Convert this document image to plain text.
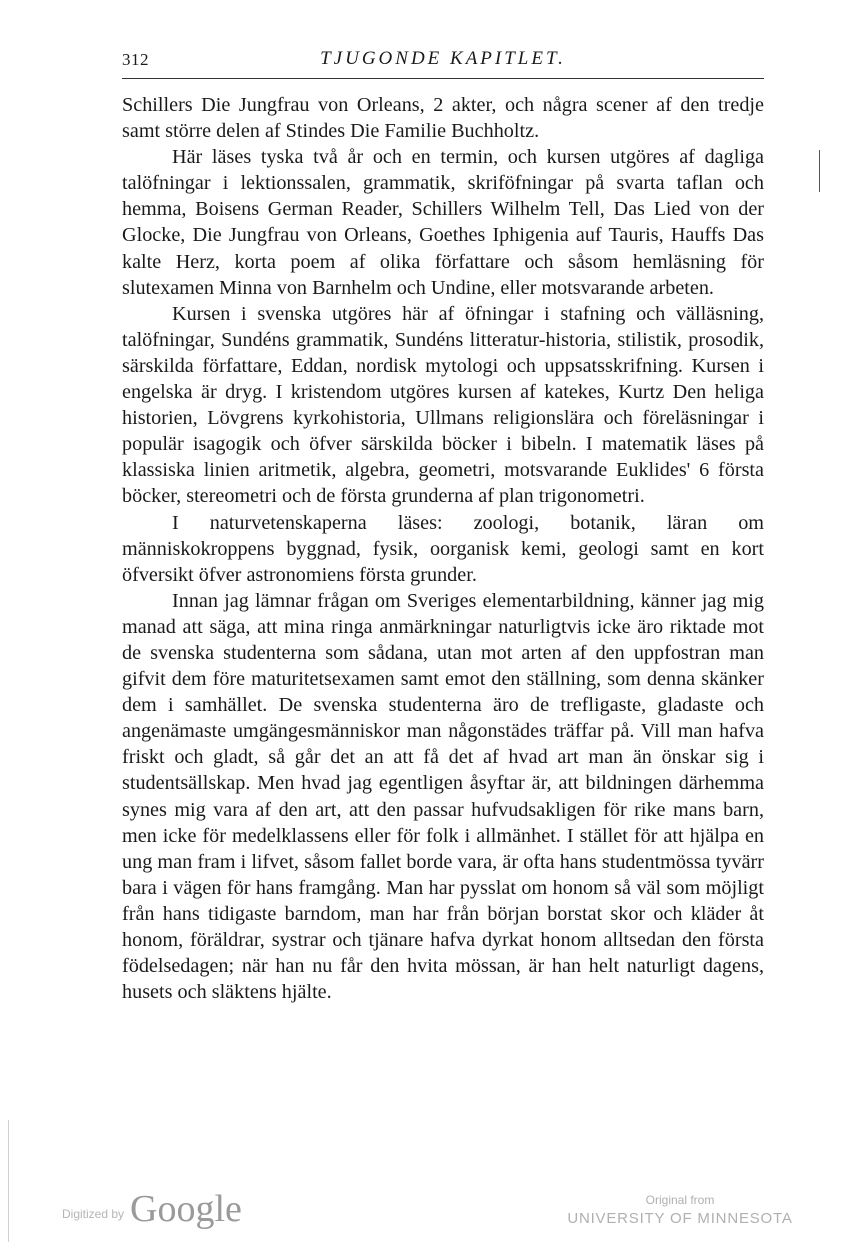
312	TJUGONDE KAPITLET.

Schillers Die Jungfrau von Orleans, 2 akter, och några scener af den tredje samt större delen af Stindes Die Familie Buchholtz.

Här läses tyska två år och en termin, och kursen utgöres af dagliga talöfningar i lektionssalen, grammatik, skriföfningar på svarta taflan och hemma, Boisens German Reader, Schillers Wilhelm Tell, Das Lied von der Glocke, Die Jungfrau von Orleans, Goethes Iphigenia auf Tauris, Hauffs Das kalte Herz, korta poem af olika författare och såsom hemläsning för slutexamen Minna von Barnhelm och Undine, eller motsvarande arbeten.

Kursen i svenska utgöres här af öfningar i stafning och välläsning, talöfningar, Sundéns grammatik, Sundéns litteratur-historia, stilistik, prosodik, särskilda författare, Eddan, nordisk mytologi och uppsatsskrifning. Kursen i engelska är dryg. I kristendom utgöres kursen af katekes, Kurtz Den heliga historien, Lövgrens kyrkohistoria, Ullmans religionslära och föreläsningar i populär isagogik och öfver särskilda böcker i bibeln. I matematik läses på klassiska linien aritmetik, algebra, geometri, motsvarande Euklides' 6 första böcker, stereometri och de första grunderna af plan trigonometri.

I naturvetenskaperna läses: zoologi, botanik, läran om människokroppens byggnad, fysik, oorganisk kemi, geologi samt en kort öfversikt öfver astronomiens första grunder.

Innan jag lämnar frågan om Sveriges elementarbildning, känner jag mig manad att säga, att mina ringa anmärkningar naturligtvis icke äro riktade mot de svenska studenterna som sådana, utan mot arten af den uppfostran man gifvit dem före maturitetsexamen samt emot den ställning, som denna skänker dem i samhället. De svenska studenterna äro de trefligaste, gladaste och angenämaste umgängesmänniskor man någonstädes träffar på. Vill man hafva friskt och gladt, så går det an att få det af hvad art man än önskar sig i studentsällskap. Men hvad jag egentligen åsyftar är, att bildningen därhemma synes mig vara af den art, att den passar hufvudsakligen för rike mans barn, men icke för medelklassens eller för folk i allmänhet. I stället för att hjälpa en ung man fram i lifvet, såsom fallet borde vara, är ofta hans studentmössa tyvärr bara i vägen för hans framgång. Man har pysslat om honom så väl som möjligt från hans tidigaste barndom, man har från början borstat skor och kläder åt honom, föräldrar, systrar och tjänare hafva dyrkat honom alltsedan den första födelsedagen; när han nu får den hvita mössan, är han helt naturligt dagens, husets och släktens hjälte.

Digitized by Google	Original from
UNIVERSITY OF MINNESOTA
